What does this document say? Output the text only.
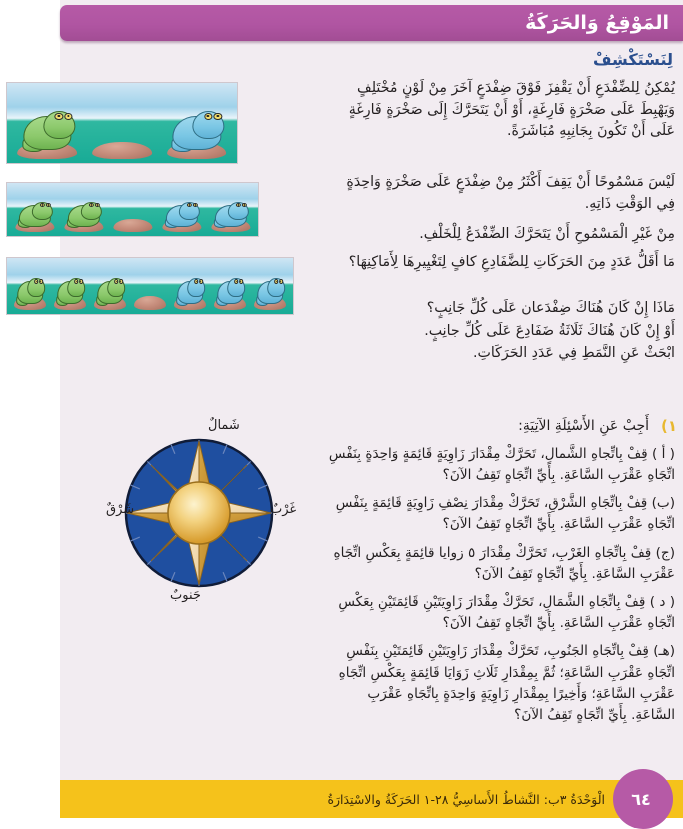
المَوْقِعُ وَالحَرَكَةُ
لِنَسْتَكْشِفْ

يُمْكِنُ لِلضِّفْدَعِ أَنْ يَقْفِزَ فَوْقَ ضِفْدَعٍ آخَرَ مِنْ لَوْنٍ مُخْتَلِفٍ وَيَهْبِطَ عَلَى صَخْرَةٍ فَارِغَةٍ، أَوْ أَنْ يَتَحَرَّكَ إِلَى صَخْرَةٍ فَارِغَةٍ عَلَى أَنْ تَكُونَ بِجَانِبِهِ مُبَاشَرَةً.

لَيْسَ مَسْمُوحًا أَنْ يَقِفَ أَكْثَرُ مِنْ ضِفْدَعٍ عَلَى صَخْرَةٍ وَاحِدَةٍ فِي الوَقْتِ ذَاتِهِ.

مِنْ غَيْرِ الْمَسْمُوحِ أَنْ يَتَحَرَّكَ الضِّفْدَعُ لِلْخَلْفِ.

مَا أَقَلُّ عَدَدٍ مِنَ الحَرَكَاتِ لِلضَّفَادِعِ كافٍ لِتَغْيِيرِهَا لِأَمَاكِنِهَا؟

مَاذَا إِنْ كَانَ هُنَاكَ ضِفْدَعان عَلَى كُلِّ جَانِبٍ؟

أَوْ إِنْ كَانَ هُنَاكَ ثَلَاثَةُ ضَفَادِعَ عَلَى كُلِّ جانِبٍ.

ابْحَثْ عَنِ النَّمَطِ فِي عَدَدِ الحَرَكَاتِ.

شَمالٌ
شَرْقٌ	غَرْبٌ
جَنوبٌ
١)

أَجِبْ عَنِ الأَسْئِلَةِ الآتِيَةِ:

( أ ) قِفْ بِاتِّجاهِ الشَّمالِ، تَحَرَّكْ مِقْدَارَ زَاوِيَةٍ قَائِمَةٍ وَاحِدَةٍ بِنَفْسِ اتِّجَاهِ عَقْرَبِ السَّاعَةِ. بِأَيِّ اتِّجَاهٍ تَقِفُ الآنَ؟

(ب) قِفْ بِاتِّجَاهِ الشَّرْقِ، تَحَرَّكْ مِقْدَارَ نِصْفِ زَاوِيَةٍ قَائِمَةٍ بِنَفْسِ اتِّجَاهِ عَقْرَبِ السَّاعَةِ. بِأَيِّ اتِّجَاهٍ تَقِفُ الآنَ؟

(ج) قِفْ بِاتِّجَاهِ الغَرْبِ، تَحَرَّكْ مِقْدَارَ ٥ زوايا قائِمَةٍ بِعَكْسِ اتِّجَاهِ عَقْرَبِ السَّاعَةِ. بِأَيِّ اتِّجَاهٍ تَقِفُ الآنَ؟

( د ) قِفْ بِاتِّجَاهِ الشَّمَالِ، تَحَرَّكْ مِقْدَارَ زَاوِيَتَيْنِ قَائِمَتَيْنِ بِعَكْسِ اتِّجَاهِ عَقْرَبِ السَّاعَةِ. بِأَيِّ اتِّجَاهٍ تَقِفُ الآنَ؟

(هـ) قِفْ بِاتِّجَاهِ الجَنُوبِ، تَحَرَّكْ مِقْدَارَ زَاوِيَتَيْنِ قَائِمَتَيْنِ بِنَفْسِ اتِّجَاهِ عَقْرَبِ السَّاعَةِ؛ ثُمَّ بِمِقْدَارِ ثَلَاثِ زَوَايَا قَائِمَةٍ بِعَكْسِ اتِّجَاهِ عَقْرَبِ السَّاعَةِ؛ وَأَخِيرًا بِمِقْدَارِ زَاوِيَةٍ وَاحِدَةٍ بِاتِّجَاهِ عَقْرَبِ السَّاعَةِ. بِأَيِّ اتِّجَاهٍ تَقِفُ الآنَ؟

الْوَحْدَةُ ٣ب: النَّشاطُ الأَساسِيُّ ٢٨-١ الحَرَكَةُ والاسْتِدَارَةُ	٦٤
